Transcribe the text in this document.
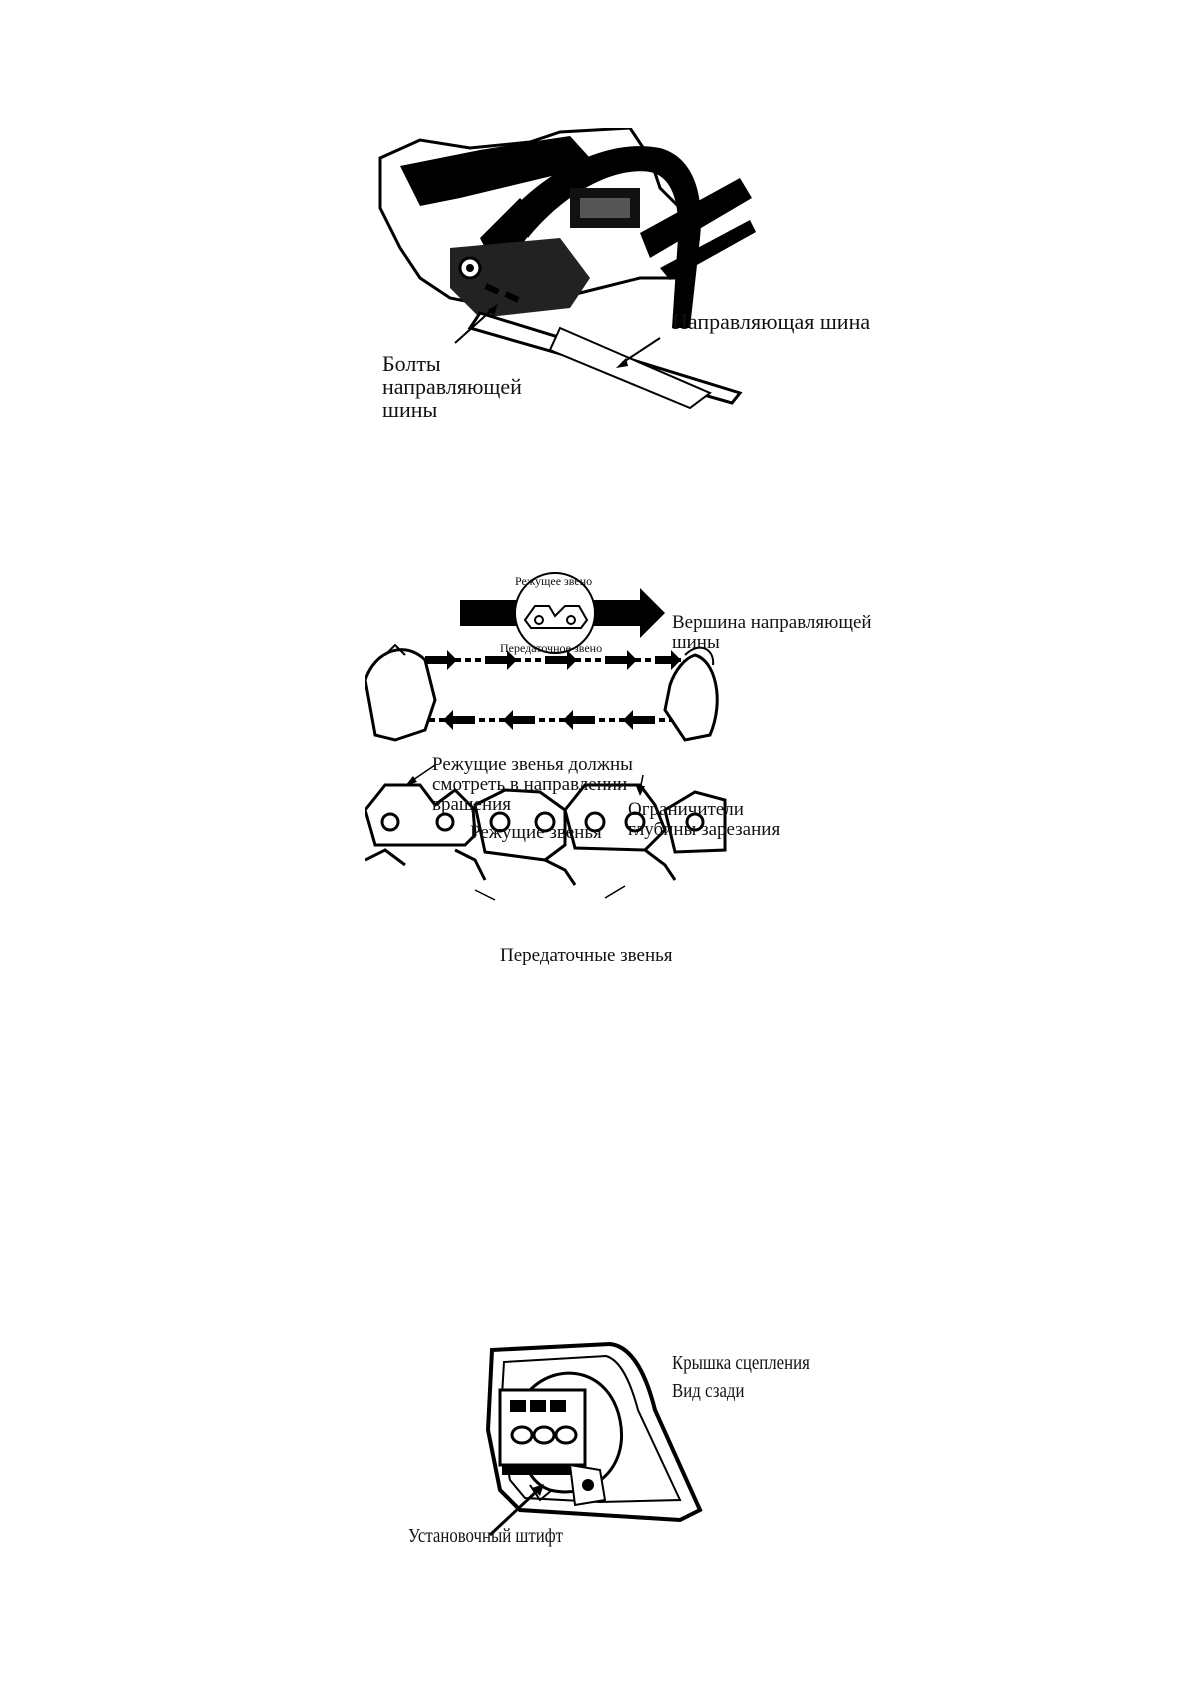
Направляющая шина
Болты направляющей шины
Режущее звено
Передаточное звено
Вершина направляющей шины
Режущие звенья должны смотреть в направлении вращения
Режущие звенья
Ограничители глубины зарезания
Передаточные звенья
Крышка сцепления
Вид сзади
Установочный штифт
